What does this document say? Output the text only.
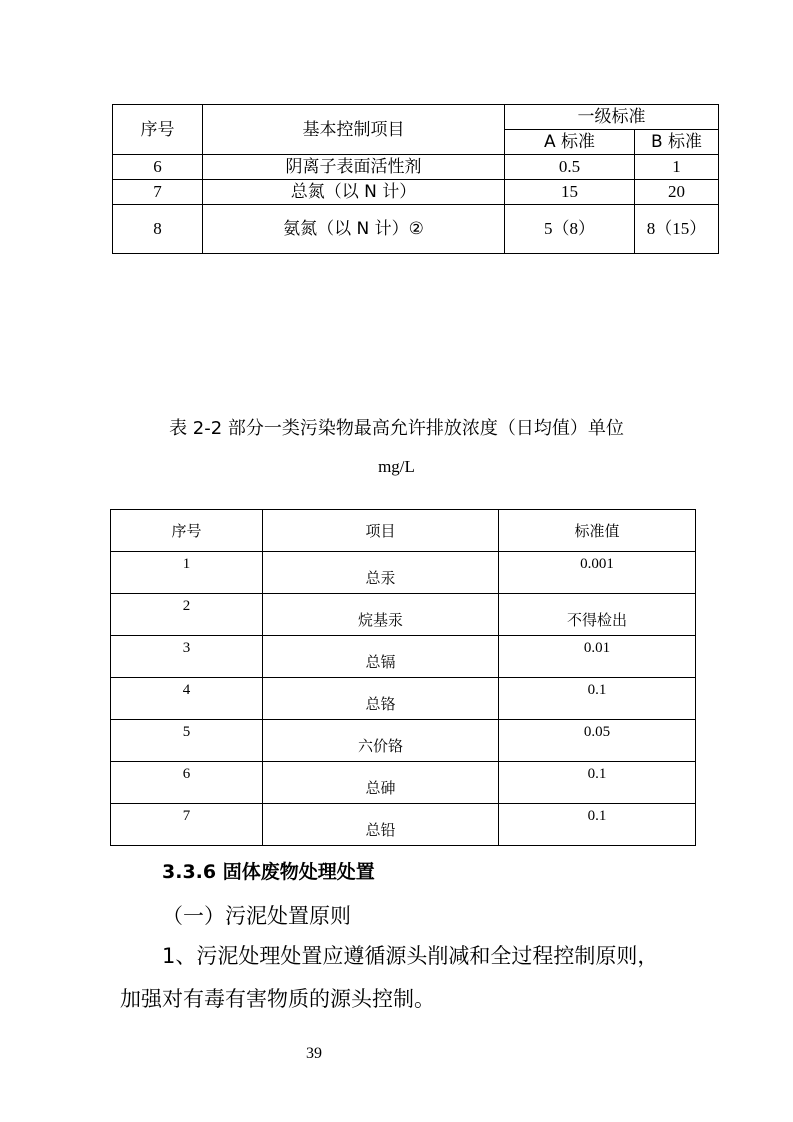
序号	基本控制项目	一级标准	
		A 标准	B 标准
6	阴离子表面活性剂	0.5	1
7	总氮（以 N 计）	15	20
8	氨氮（以 N 计）②	5（8）	8（15）
表 2-2 部分一类污染物最高允许排放浓度（日均值）单位
mg/L
序号	项目	标准值

1	总汞	0.001

2	烷基汞	不得检出

3	总镉	0.01

4	总铬	0.1

5	六价铬	0.05

6	总砷	0.1

7	总铅	0.1
3.3.6 固体废物处理处置
（一）污泥处置原则
1、污泥处理处置应遵循源头削减和全过程控制原则，
加强对有毒有害物质的源头控制。
39
